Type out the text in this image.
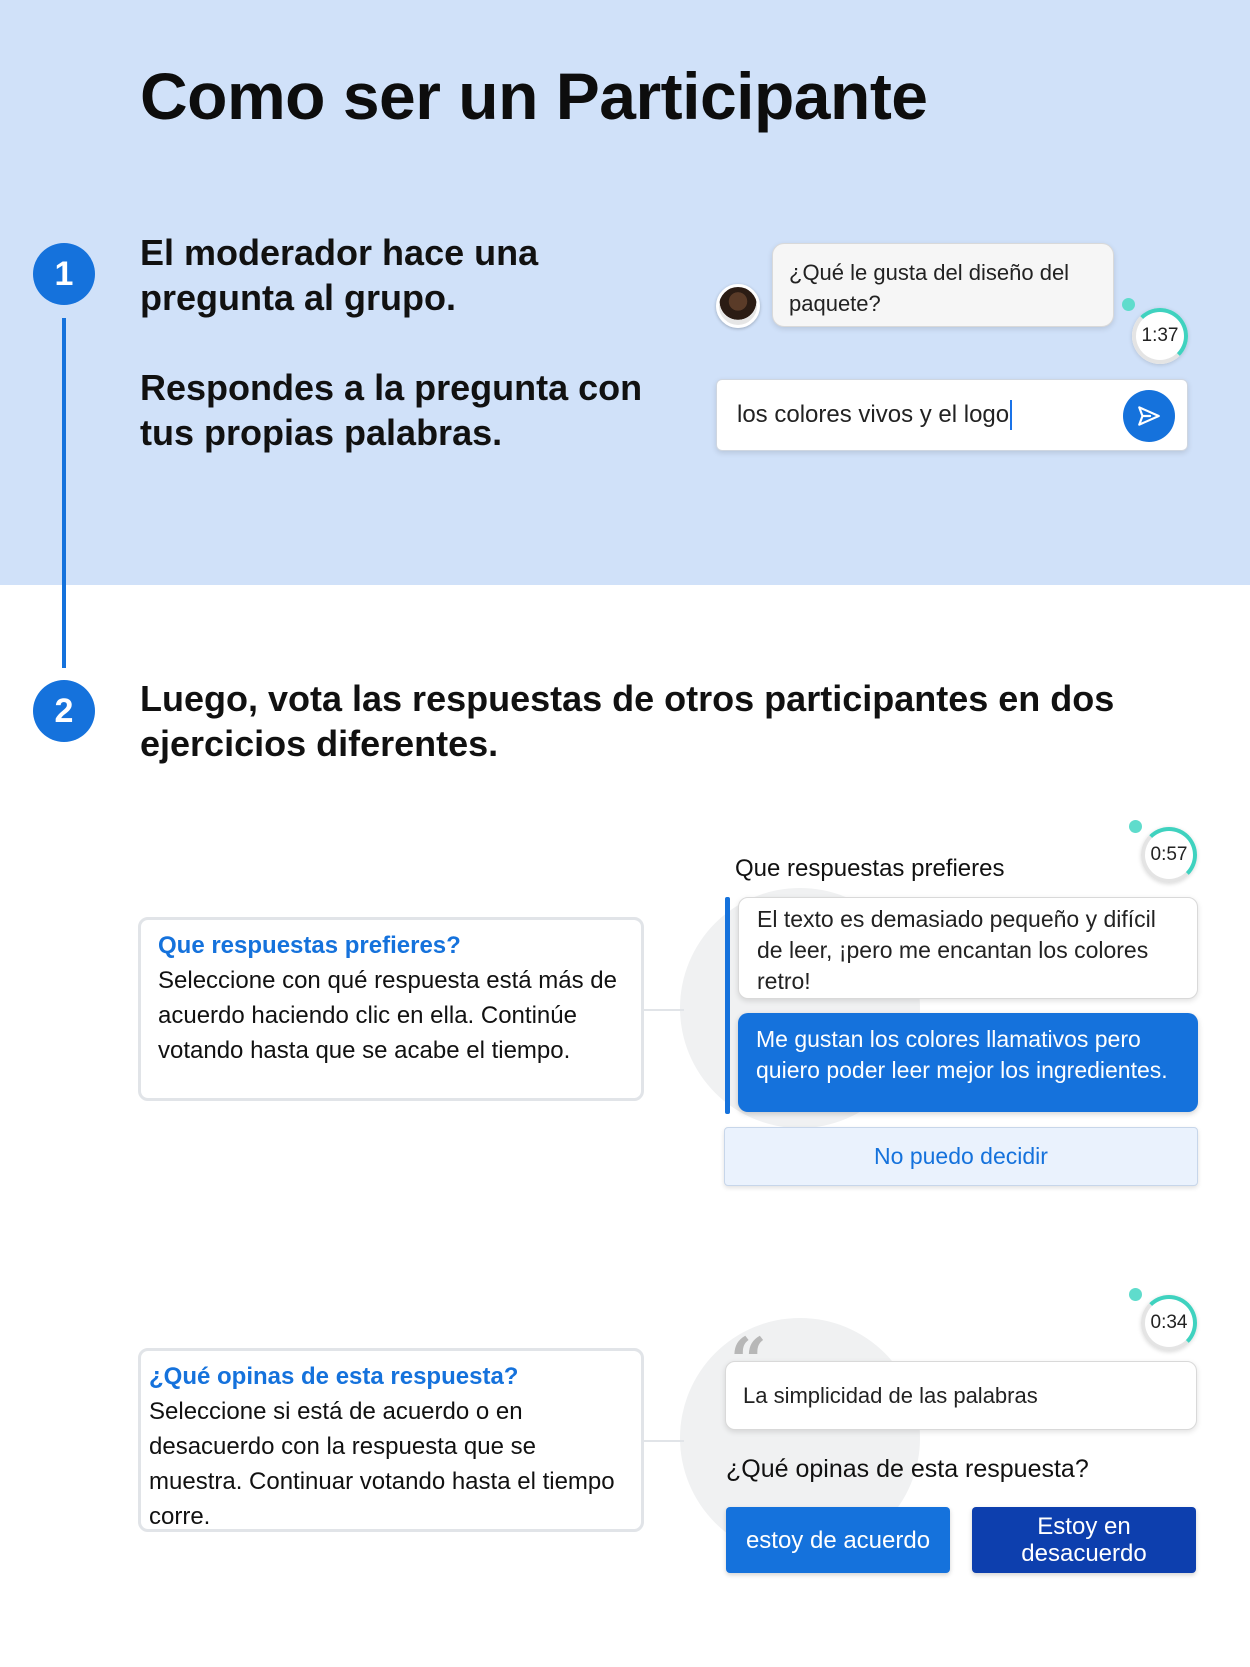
Como ser un Participante
1
2

El moderador hace una pregunta al grupo.

Respondes a la pregunta con tus propias palabras.

Luego, vota las respuestas de otros participantes en dos ejercicios diferentes.

¿Qué le gusta del diseño del paquete?
1:37
los colores vivos y el logo
Que respuestas prefieres?
Seleccione con qué respuesta está más de acuerdo haciendo clic en ella. Continúe votando hasta que se acabe el tiempo.
Que respuestas prefieres
0:57
El texto es demasiado pequeño y difícil de leer, ¡pero me encantan los colores retro!
Me gustan los colores llamativos pero quiero poder leer mejor los ingredientes.
No puedo decidir
¿Qué opinas de esta respuesta?
Seleccione si está de acuerdo o en desacuerdo con la respuesta que se muestra. Continuar votando hasta el tiempo corre.
0:34
La simplicidad de las palabras
¿Qué opinas de esta respuesta?
estoy de acuerdo	Estoy en desacuerdo
